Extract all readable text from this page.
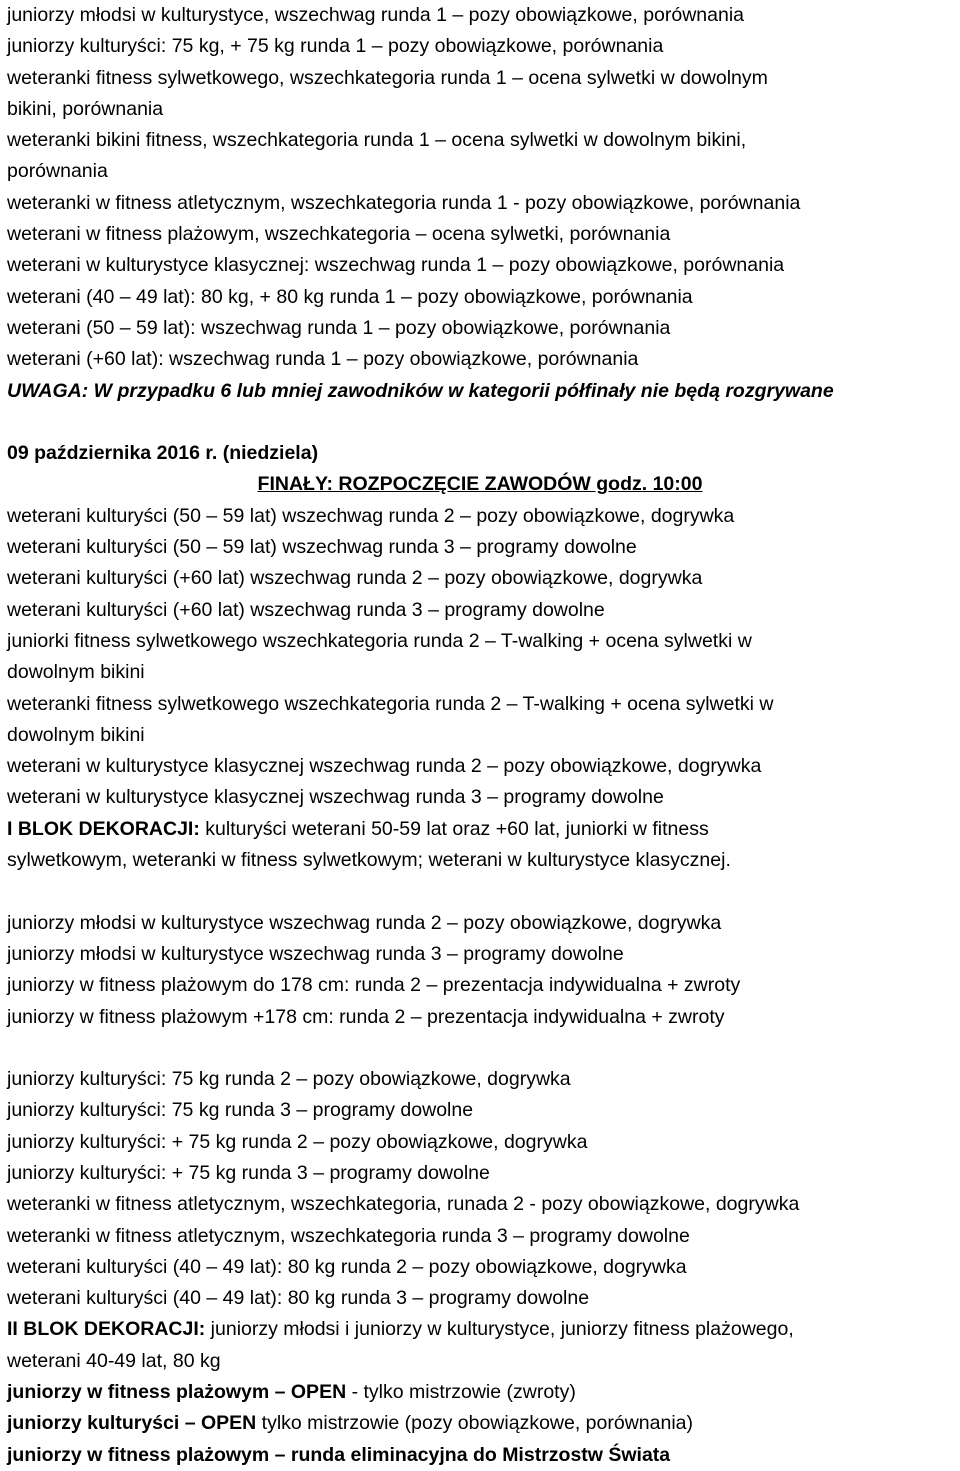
juniorzy młodsi w kulturystyce, wszechwag runda 1 – pozy obowiązkowe, porównania
juniorzy kulturyści: 75 kg, + 75 kg runda 1 – pozy obowiązkowe, porównania
weteranki fitness sylwetkowego, wszechkategoria runda 1 – ocena sylwetki w dowolnym
bikini, porównania
weteranki bikini fitness, wszechkategoria runda 1 – ocena sylwetki w dowolnym bikini,
porównania
weteranki w fitness atletycznym, wszechkategoria runda 1 - pozy obowiązkowe, porównania
weterani w fitness plażowym, wszechkategoria – ocena sylwetki, porównania
weterani w kulturystyce klasycznej: wszechwag runda 1 – pozy obowiązkowe, porównania
weterani (40 – 49 lat): 80 kg, + 80 kg runda 1 – pozy obowiązkowe, porównania
weterani (50 – 59 lat): wszechwag runda 1 – pozy obowiązkowe, porównania
weterani (+60 lat): wszechwag runda 1 – pozy obowiązkowe, porównania
UWAGA: W przypadku 6 lub mniej zawodników w kategorii półfinały nie będą rozgrywane
09 października 2016 r. (niedziela)
FINAŁY: ROZPOCZĘCIE ZAWODÓW godz. 10:00
weterani kulturyści (50 – 59 lat) wszechwag runda 2 – pozy obowiązkowe, dogrywka
weterani kulturyści (50 – 59 lat) wszechwag runda 3 – programy dowolne
weterani kulturyści (+60 lat) wszechwag runda 2 – pozy obowiązkowe, dogrywka
weterani kulturyści (+60 lat) wszechwag runda 3 – programy dowolne
juniorki fitness sylwetkowego wszechkategoria runda 2 – T-walking + ocena sylwetki w
dowolnym bikini
weteranki fitness sylwetkowego wszechkategoria runda 2 – T-walking + ocena sylwetki w
dowolnym bikini
weterani w kulturystyce klasycznej wszechwag runda 2 – pozy obowiązkowe, dogrywka
weterani w kulturystyce klasycznej wszechwag runda 3 – programy dowolne
I BLOK DEKORACJI: kulturyści weterani 50-59 lat oraz +60 lat, juniorki w fitness
sylwetkowym, weteranki w fitness sylwetkowym; weterani w kulturystyce klasycznej.
juniorzy młodsi w kulturystyce wszechwag runda 2 – pozy obowiązkowe, dogrywka
juniorzy młodsi w kulturystyce wszechwag runda 3 – programy dowolne
juniorzy w fitness plażowym do 178 cm: runda 2 – prezentacja indywidualna + zwroty
juniorzy w fitness plażowym +178 cm: runda 2 – prezentacja indywidualna + zwroty
juniorzy kulturyści: 75 kg runda 2 – pozy obowiązkowe, dogrywka
juniorzy kulturyści: 75 kg runda 3 – programy dowolne
juniorzy kulturyści: + 75 kg runda 2 – pozy obowiązkowe, dogrywka
juniorzy kulturyści: + 75 kg runda 3 – programy dowolne
weteranki w fitness atletycznym, wszechkategoria, runada 2 - pozy obowiązkowe, dogrywka
weteranki w fitness atletycznym, wszechkategoria runda 3 – programy dowolne
weterani kulturyści (40 – 49 lat): 80 kg runda 2 – pozy obowiązkowe, dogrywka
weterani kulturyści (40 – 49 lat): 80 kg runda 3 – programy dowolne
II BLOK DEKORACJI: juniorzy młodsi i juniorzy w kulturystyce, juniorzy fitness plażowego,
weterani 40-49 lat, 80 kg
juniorzy w fitness plażowym – OPEN - tylko mistrzowie (zwroty)
juniorzy kulturyści – OPEN tylko mistrzowie (pozy obowiązkowe, porównania)
juniorzy w fitness plażowym – runda eliminacyjna do Mistrzostw Świata
